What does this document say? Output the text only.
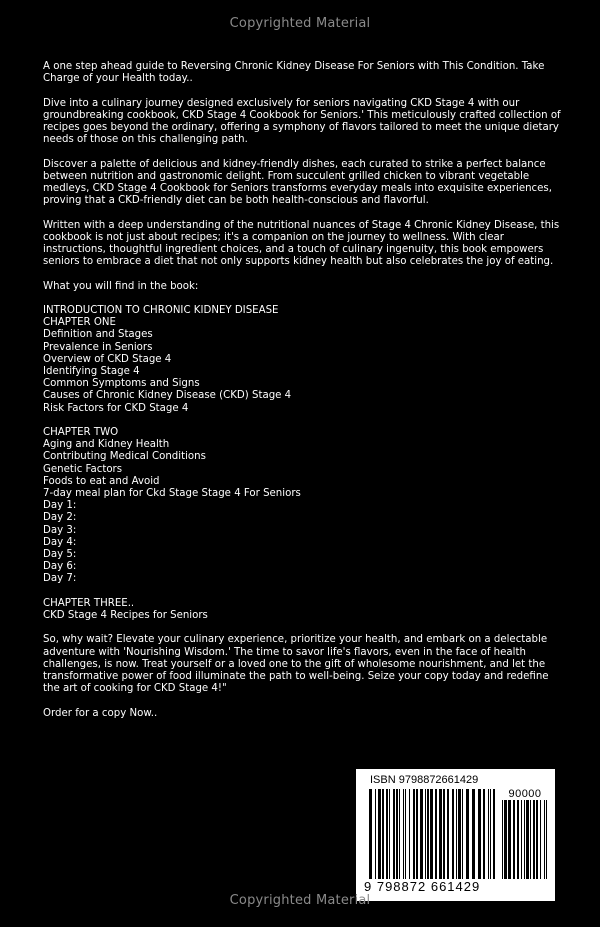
Copyrighted Material

A one step ahead guide to Reversing Chronic Kidney Disease For Seniors with This Condition. Take Charge of your Health today..

Dive into a culinary journey designed exclusively for seniors navigating CKD Stage 4 with our groundbreaking cookbook, CKD Stage 4 Cookbook for Seniors.' This meticulously crafted collection of recipes goes beyond the ordinary, offering a symphony of flavors tailored to meet the unique dietary needs of those on this challenging path.

Discover a palette of delicious and kidney-friendly dishes, each curated to strike a perfect balance between nutrition and gastronomic delight. From succulent grilled chicken to vibrant vegetable medleys, CKD Stage 4 Cookbook for Seniors transforms everyday meals into exquisite experiences, proving that a CKD-friendly diet can be both health-conscious and flavorful.

Written with a deep understanding of the nutritional nuances of Stage 4 Chronic Kidney Disease, this cookbook is not just about recipes; it's a companion on the journey to wellness. With clear instructions, thoughtful ingredient choices, and a touch of culinary ingenuity, this book empowers seniors to embrace a diet that not only supports kidney health but also celebrates the joy of eating.

What you will find in the book:

INTRODUCTION TO CHRONIC KIDNEY DISEASE
CHAPTER ONE
Definition and Stages
Prevalence in Seniors
Overview of CKD Stage 4
Identifying Stage 4
Common Symptoms and Signs
Causes of Chronic Kidney Disease (CKD) Stage 4
Risk Factors for CKD Stage 4
CHAPTER TWO
Aging and Kidney Health
Contributing Medical Conditions
Genetic Factors
Foods to eat and Avoid
7-day meal plan for Ckd Stage Stage 4 For Seniors
Day 1:
Day 2:
Day 3:
Day 4:
Day 5:
Day 6:
Day 7:
CHAPTER THREE..
CKD Stage 4 Recipes for Seniors

So, why wait? Elevate your culinary experience, prioritize your health, and embark on a delectable adventure with 'Nourishing Wisdom.' The time to savor life's flavors, even in the face of health challenges, is now. Treat yourself or a loved one to the gift of wholesome nourishment, and let the transformative power of food illuminate the path to well-being. Seize your copy today and redefine the art of cooking for CKD Stage 4!"

Order for a copy Now..

ISBN 9798872661429
90000
9 798872 661429
Copyrighted Material
